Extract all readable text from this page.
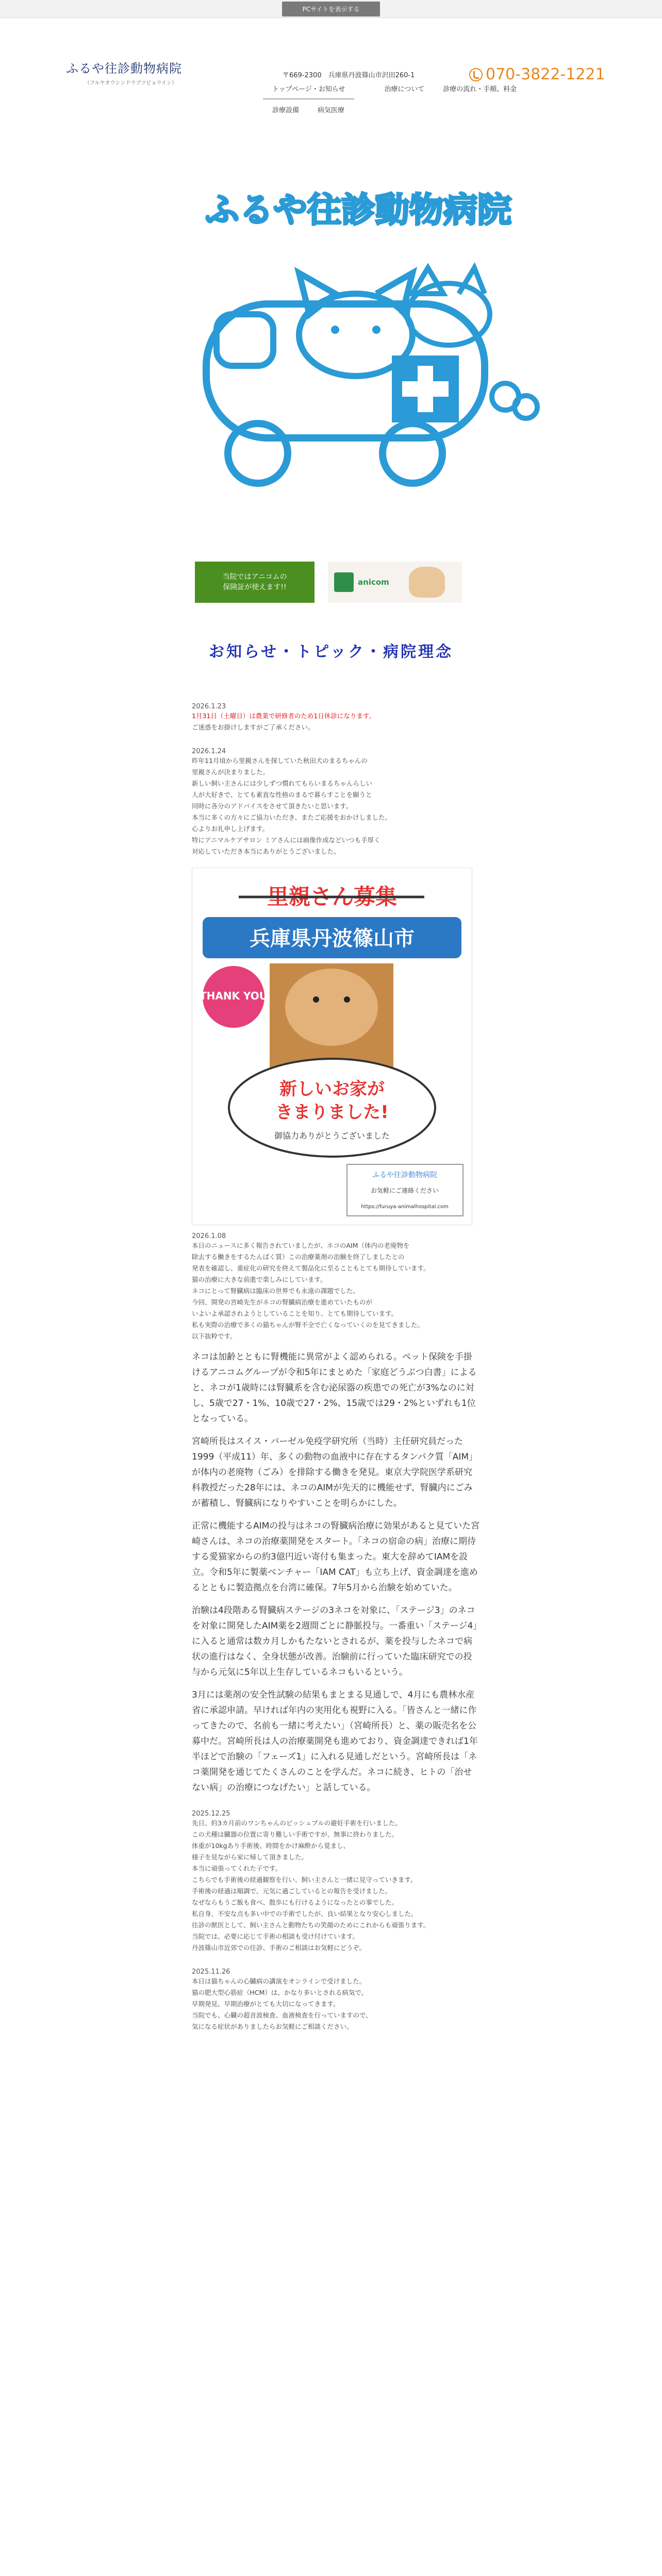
PCサイトを表示する
ふるや往診動物病院
（フルヤオウシンドウブツビョウイン）
〒669-2300　兵庫県丹波篠山市沢田260-1	070-3822-1221
トップページ・お知らせ	治療について	診療の流れ・手順、料金
診療設備	病気医療
ふるや往診動物病院
当院ではアニコムの
保険証が使えます!!
anicom
お知らせ・トピック・病院理念
2026.1.23
1月31日（土曜日）は農業で研修者のため1日休診になります。
ご迷惑をお掛けしますがご了承ください。
2026.1.24
昨年11月頃から里親さんを探していた秋田犬のまるちゃんの
里親さんが決まりました。
新しい飼い主さんには少しずつ慣れてもらいまるちゃんらしい
人が大好きで、とても素直な性格のまるで暮らすことを願うと
同時に各分のアドバイスをさせて頂きたいと思います。
本当に多くの方々にご協力いただき、またご応援をおかけしました。
心よりお礼申し上げます。
特にアニマルケアサロン ミアさんには画像作成などいつも手厚く
対応していただき本当にありがとうございました。
里親さん募集
兵庫県丹波篠山市
THANK YOU
新しいお家が
きまりました!
御協力ありがとうございました
ふるや往診動物病院
お気軽にご連絡ください
https://furuya-animalhospital.com
2026.1.08
本日のニュースに多く報告されていましたが、ネコのAIM（体内の老廃物を
除去する働きをするたんぱく質）この治療薬剤の治験を終了しましたとの
発表を確認し、重症化の研究を終えて製品化に至ることもとても期待しています。
猫の治療に大きな前進で楽しみにしています。
ネコにとって腎臓病は臨床の世界でも永遠の課題でした。
今回、開発の宮崎先生がネコの腎臓病治療を進めていたものが
いよいよ承認されようとしていることを知り、とても期待しています。
私も実際の治療で多くの猫ちゃんが腎不全で亡くなっていくのを見てきました。
以下抜粋です。
ネコは加齢とともに腎機能に異常がよく認められる。ペット保険を手掛けるアニコムグループが令和5年にまとめた「家庭どうぶつ白書」によると、ネコが1歳時には腎臓系を含む泌尿器の疾患での死亡が3%なのに対し、5歳で27・1%、10歳で27・2%、15歳では29・2%といずれも1位となっている。
宮崎所長はスイス・バーゼル免疫学研究所（当時）主任研究員だった1999（平成11）年、多くの動物の血液中に存在するタンパク質「AIM」が体内の老廃物（ごみ）を排除する働きを発見。東京大学院医学系研究科教授だった28年には、ネコのAIMが先天的に機能せず、腎臓内にごみが蓄積し、腎臓病になりやすいことを明らかにした。
正常に機能するAIMの投与はネコの腎臓病治療に効果があると見ていた宮崎さんは、ネコの治療薬開発をスタート。「ネコの宿命の病」治療に期待する愛猫家からの約3億円近い寄付も集まった。東大を辞めてIAMを設立。令和5年に製薬ベンチャー「IAM CAT」も立ち上げ、資金調達を進めるとともに製造拠点を台湾に確保。7年5月から治験を始めていた。
治験は4段階ある腎臓病ステージの3ネコを対象に、「ステージ3」のネコを対象に開発したAIM薬を2週間ごとに静脈投与。一番重い「ステージ4」に入ると通常は数カ月しかもたないとされるが、薬を投与したネコで病状の進行はなく、全身状態が改善。治験前に行っていた臨床研究での投与から元気に5年以上生存しているネコもいるという。
3月には薬剤の安全性試験の結果もまとまる見通しで、4月にも農林水産省に承認申請。早ければ年内の実用化も視野に入る。「皆さんと一緒に作ってきたので、名前も一緒に考えたい」（宮崎所長）と、薬の販売名を公募中だ。宮崎所長は人の治療薬開発も進めており、資金調達できれば1年半ほどで治験の「フェーズ1」に入れる見通しだという。宮崎所長は「ネコ薬開発を通じてたくさんのことを学んだ。ネコに続き、ヒトの「治せない病」の治療につなげたい」と話している。
2025.12.25
先日、約3カ月前のワンちゃんのビッシュプルの避妊手術を行いました。
この犬種は臓器の位置に寄り難しい手術ですが、無事に終わりました。
体重が10kgあり手術後、時間をかけ麻酔から覚まし、
様子を見ながら家に帰して頂きました。
本当に頑張ってくれた子です。
こちらでも手術後の経過観察を行い、飼い主さんと一緒に見守っていきます。
手術後の経過は順調で、元気に過ごしているとの報告を受けました。
なぜならもうご飯も食べ、散歩にも行けるようになったとの事でした。
私自身、不安な点も多い中での手術でしたが、良い結果となり安心しました。
往診の獣医として、飼い主さんと動物たちの笑顔のためにこれからも頑張ります。
当院では、必要に応じて手術の相談も受け付けています。
丹波篠山市近郊での往診、手術のご相談はお気軽にどうぞ。
2025.11.26
本日は猫ちゃんの心臓病の講演をオンラインで受けました。
猫の肥大型心筋症（HCM）は、かなり多いとされる病気で、
早期発見、早期治療がとても大切になってきます。
当院でも、心臓の超音波検査、血液検査を行っていますので、
気になる症状がありましたらお気軽にご相談ください。
